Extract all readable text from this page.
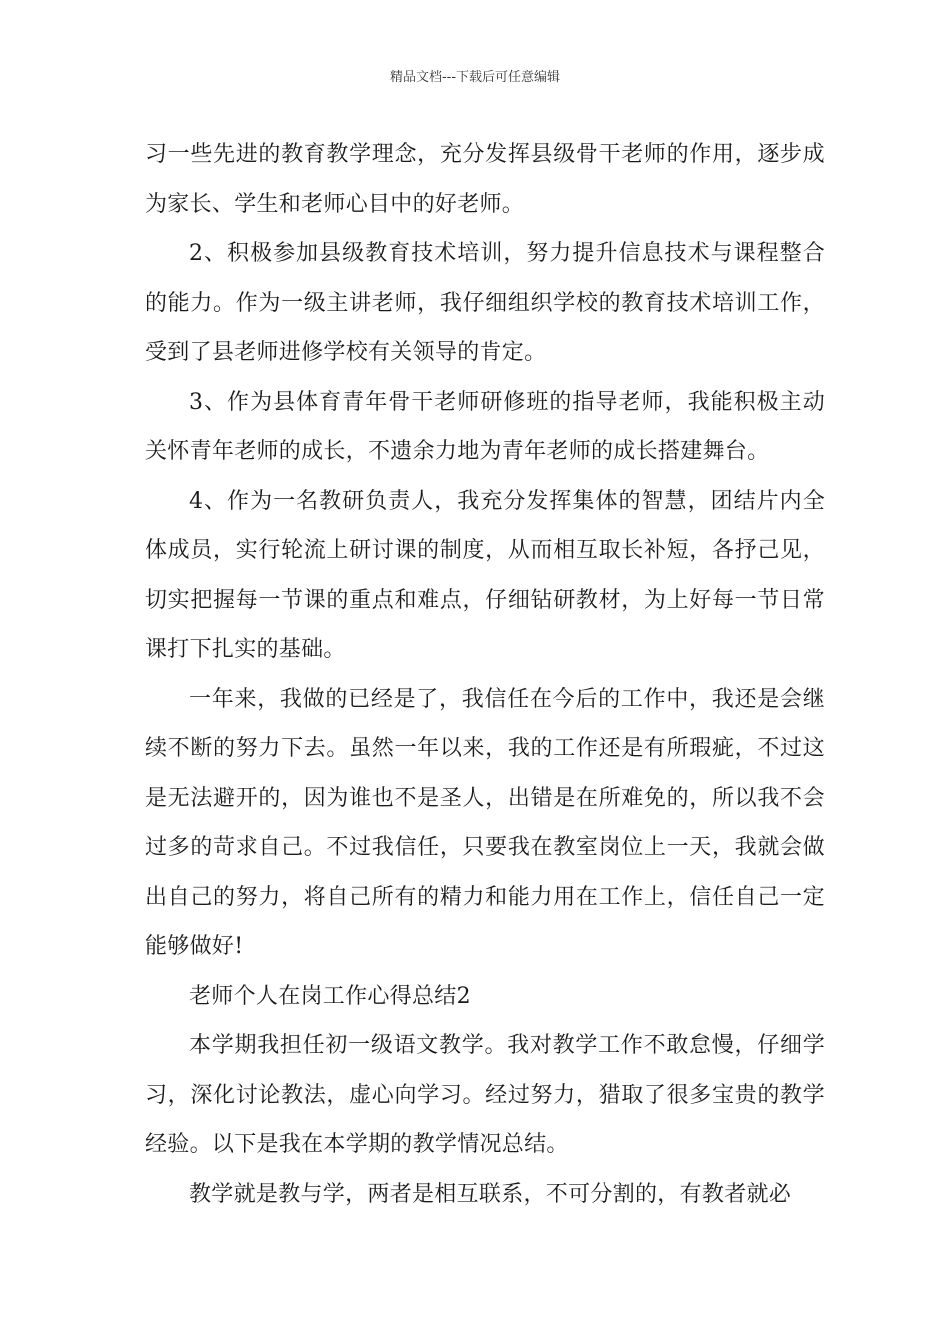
精品文档---下载后可任意编辑

习一些先进的教育教学理念，充分发挥县级骨干老师的作用，逐步成为家长、学生和老师心目中的好老师。

2、积极参加县级教育技术培训，努力提升信息技术与课程整合的能力。作为一级主讲老师，我仔细组织学校的教育技术培训工作，受到了县老师进修学校有关领导的肯定。

3、作为县体育青年骨干老师研修班的指导老师，我能积极主动关怀青年老师的成长，不遗余力地为青年老师的成长搭建舞台。

4、作为一名教研负责人，我充分发挥集体的智慧，团结片内全体成员，实行轮流上研讨课的制度，从而相互取长补短，各抒己见，切实把握每一节课的重点和难点，仔细钻研教材，为上好每一节日常课打下扎实的基础。

一年来，我做的已经是了，我信任在今后的工作中，我还是会继续不断的努力下去。虽然一年以来，我的工作还是有所瑕疵，不过这是无法避开的，因为谁也不是圣人，出错是在所难免的，所以我不会过多的苛求自己。不过我信任，只要我在教室岗位上一天，我就会做出自己的努力，将自己所有的精力和能力用在工作上，信任自己一定能够做好!

老师个人在岗工作心得总结2

本学期我担任初一级语文教学。我对教学工作不敢怠慢，仔细学习，深化讨论教法，虚心向学习。经过努力，猎取了很多宝贵的教学经验。以下是我在本学期的教学情况总结。

教学就是教与学，两者是相互联系，不可分割的，有教者就必
